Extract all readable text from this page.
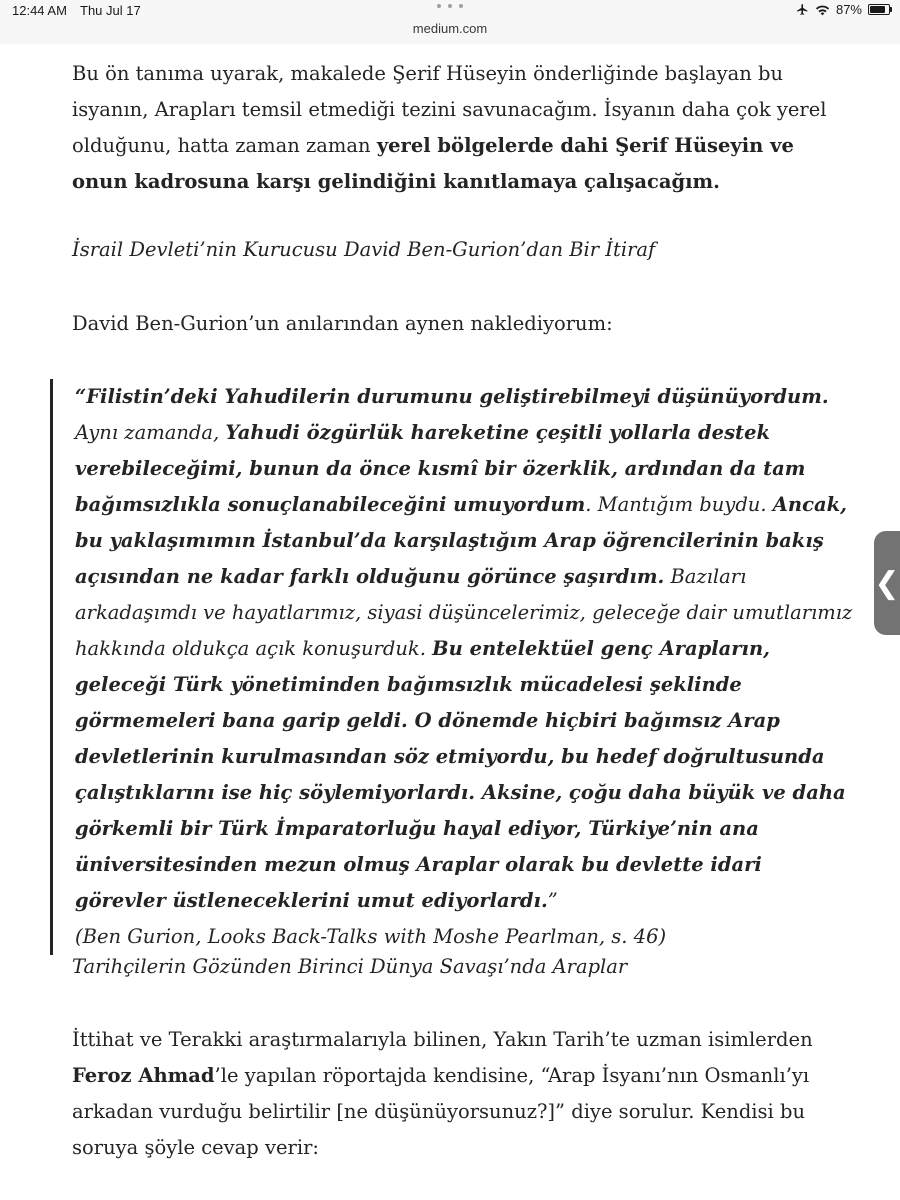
12:44 AM Thu Jul 17
medium.com
87%

Bu ön tanıma uyarak, makalede Şerif Hüseyin önderliğinde başlayan bu isyanın, Arapları temsil etmediği tezini savunacağım. İsyanın daha çok yerel olduğunu, hatta zaman zaman yerel bölgelerde dahi Şerif Hüseyin ve onun kadrosuna karşı gelindiğini kanıtlamaya çalışacağım.

İsrail Devleti’nin Kurucusu David Ben-Gurion’dan Bir İtiraf

David Ben-Gurion’un anılarından aynen naklediyorum:

“Filistin’deki Yahudilerin durumunu geliştirebilmeyi düşünüyordum. Aynı zamanda, Yahudi özgürlük hareketine çeşitli yollarla destek verebileceğimi, bunun da önce kısmî bir özerklik, ardından da tam bağımsızlıkla sonuçlanabileceğini umuyordum. Mantığım buydu. Ancak, bu yaklaşımımın İstanbul’da karşılaştığım Arap öğrencilerinin bakış açısından ne kadar farklı olduğunu görünce şaşırdım. Bazıları arkadaşımdı ve hayatlarımız, siyasi düşüncelerimiz, geleceğe dair umutlarımız hakkında oldukça açık konuşurduk. Bu entelektüel genç Arapların, geleceği Türk yönetiminden bağımsızlık mücadelesi şeklinde görmemeleri bana garip geldi. O dönemde hiçbiri bağımsız Arap devletlerinin kurulmasından söz etmiyordu, bu hedef doğrultusunda çalıştıklarını ise hiç söylemiyorlardı. Aksine, çoğu daha büyük ve daha görkemli bir Türk İmparatorluğu hayal ediyor, Türkiye’nin ana üniversitesinden mezun olmuş Araplar olarak bu devlette idari görevler üstleneceklerini umut ediyorlardı.”
(Ben Gurion, Looks Back-Talks with Moshe Pearlman, s. 46)

Tarihçilerin Gözünden Birinci Dünya Savaşı’nda Araplar

İttihat ve Terakki araştırmalarıyla bilinen, Yakın Tarih’te uzman isimlerden Feroz Ahmad’le yapılan röportajda kendisine, “Arap İsyanı’nın Osmanlı’yı arkadan vurduğu belirtilir [ne düşünüyorsunuz?]” diye sorulur. Kendisi bu soruya şöyle cevap verir:

❮
